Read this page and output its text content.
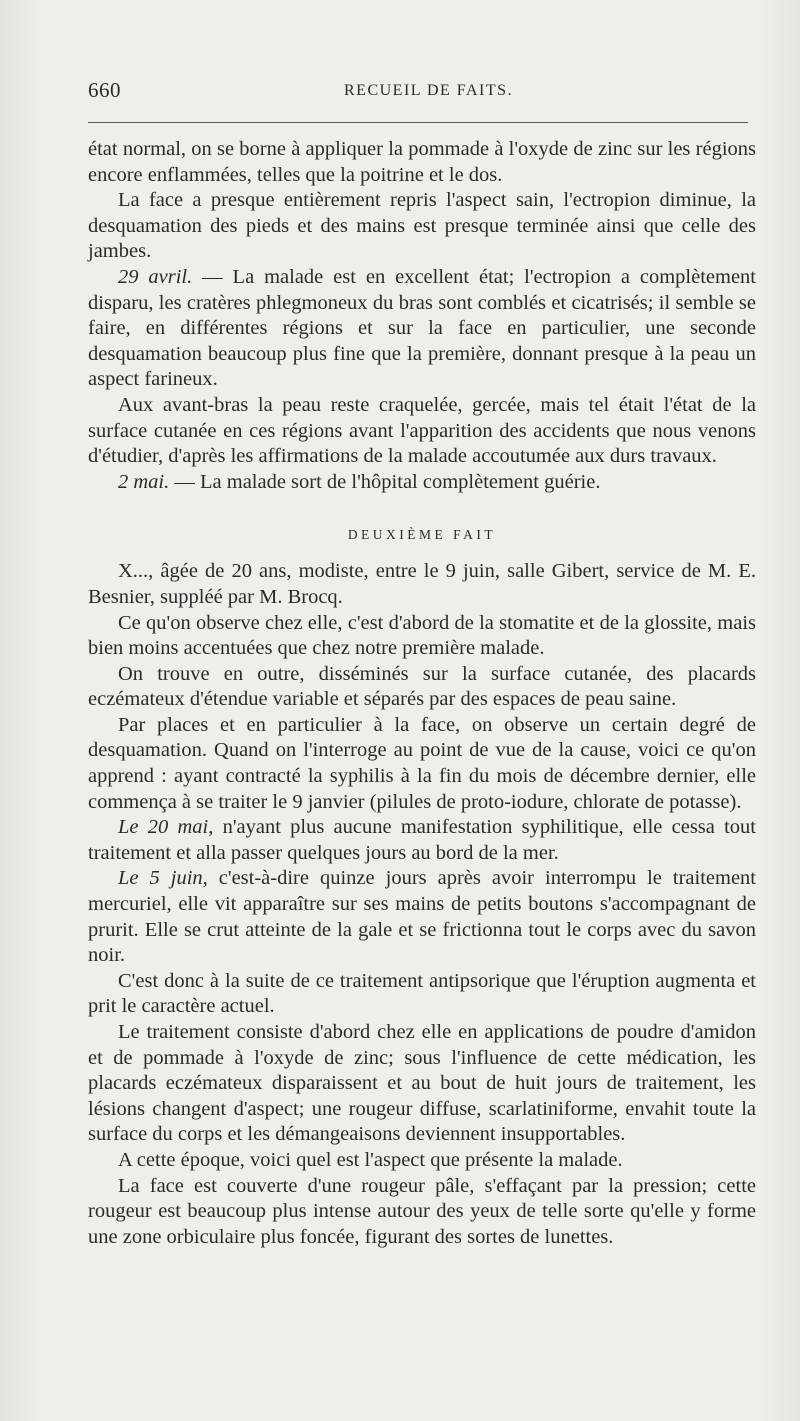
660	RECUEIL DE FAITS.

état normal, on se borne à appliquer la pommade à l'oxyde de zinc sur les régions encore enflammées, telles que la poitrine et le dos.

La face a presque entièrement repris l'aspect sain, l'ectropion diminue, la desquamation des pieds et des mains est presque terminée ainsi que celle des jambes.

29 avril. — La malade est en excellent état; l'ectropion a complètement disparu, les cratères phlegmoneux du bras sont comblés et cicatrisés; il semble se faire, en différentes régions et sur la face en particulier, une seconde desquamation beaucoup plus fine que la première, donnant presque à la peau un aspect farineux.

Aux avant-bras la peau reste craquelée, gercée, mais tel était l'état de la surface cutanée en ces régions avant l'apparition des accidents que nous venons d'étudier, d'après les affirmations de la malade accoutumée aux durs travaux.

2 mai. — La malade sort de l'hôpital complètement guérie.

DEUXIÈME FAIT

X..., âgée de 20 ans, modiste, entre le 9 juin, salle Gibert, service de M. E. Besnier, suppléé par M. Brocq.

Ce qu'on observe chez elle, c'est d'abord de la stomatite et de la glossite, mais bien moins accentuées que chez notre première malade.

On trouve en outre, disséminés sur la surface cutanée, des placards eczémateux d'étendue variable et séparés par des espaces de peau saine.

Par places et en particulier à la face, on observe un certain degré de desquamation. Quand on l'interroge au point de vue de la cause, voici ce qu'on apprend : ayant contracté la syphilis à la fin du mois de décembre dernier, elle commença à se traiter le 9 janvier (pilules de proto-iodure, chlorate de potasse).

Le 20 mai, n'ayant plus aucune manifestation syphilitique, elle cessa tout traitement et alla passer quelques jours au bord de la mer.

Le 5 juin, c'est-à-dire quinze jours après avoir interrompu le traitement mercuriel, elle vit apparaître sur ses mains de petits boutons s'accompagnant de prurit. Elle se crut atteinte de la gale et se frictionna tout le corps avec du savon noir.

C'est donc à la suite de ce traitement antipsorique que l'éruption augmenta et prit le caractère actuel.

Le traitement consiste d'abord chez elle en applications de poudre d'amidon et de pommade à l'oxyde de zinc; sous l'influence de cette médication, les placards eczémateux disparaissent et au bout de huit jours de traitement, les lésions changent d'aspect; une rougeur diffuse, scarlatiniforme, envahit toute la surface du corps et les démangeaisons deviennent insupportables.

A cette époque, voici quel est l'aspect que présente la malade.

La face est couverte d'une rougeur pâle, s'effaçant par la pression; cette rougeur est beaucoup plus intense autour des yeux de telle sorte qu'elle y forme une zone orbiculaire plus foncée, figurant des sortes de lunettes.
